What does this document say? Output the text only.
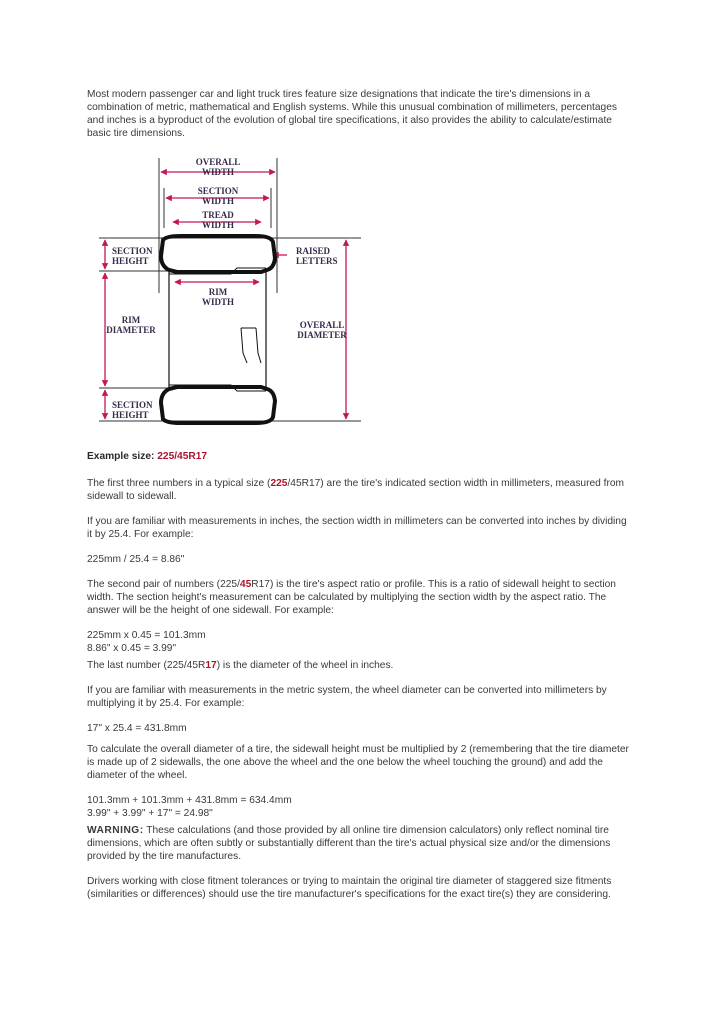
Most modern passenger car and light truck tires feature size designations that indicate the tire's dimensions in a combination of metric, mathematical and English systems. While this unusual combination of millimeters, percentages and inches is a byproduct of the evolution of global tire specifications, it also provides the ability to calculate/estimate basic tire dimensions.

OVERALL
WIDTH
SECTION
WIDTH
TREAD
WIDTH
SECTION
HEIGHT
RAISED
LETTERS
RIM
WIDTH
RIM
DIAMETER	OVERALL
DIAMETER
SECTION
HEIGHT

Example size: 225/45R17

The first three numbers in a typical size (225/45R17) are the tire's indicated section width in millimeters, measured from sidewall to sidewall.

If you are familiar with measurements in inches, the section width in millimeters can be converted into inches by dividing it by 25.4. For example:

225mm / 25.4 = 8.86"

The second pair of numbers (225/45R17) is the tire's aspect ratio or profile. This is a ratio of sidewall height to section width. The section height's measurement can be calculated by multiplying the section width by the aspect ratio. The answer will be the height of one sidewall. For example:

225mm x 0.45 = 101.3mm

8.86" x 0.45 = 3.99"

The last number (225/45R17) is the diameter of the wheel in inches.

If you are familiar with measurements in the metric system, the wheel diameter can be converted into millimeters by multiplying it by 25.4. For example:

17" x 25.4 = 431.8mm

To calculate the overall diameter of a tire, the sidewall height must be multiplied by 2 (remembering that the tire diameter is made up of 2 sidewalls, the one above the wheel and the one below the wheel touching the ground) and add the diameter of the wheel.

101.3mm + 101.3mm + 431.8mm = 634.4mm

3.99" + 3.99" + 17" = 24.98"

WARNING: These calculations (and those provided by all online tire dimension calculators) only reflect nominal tire dimensions, which are often subtly or substantially different than the tire's actual physical size and/or the dimensions provided by the tire manufactures.

Drivers working with close fitment tolerances or trying to maintain the original tire diameter of staggered size fitments (similarities or differences) should use the tire manufacturer's specifications for the exact tire(s) they are considering.
